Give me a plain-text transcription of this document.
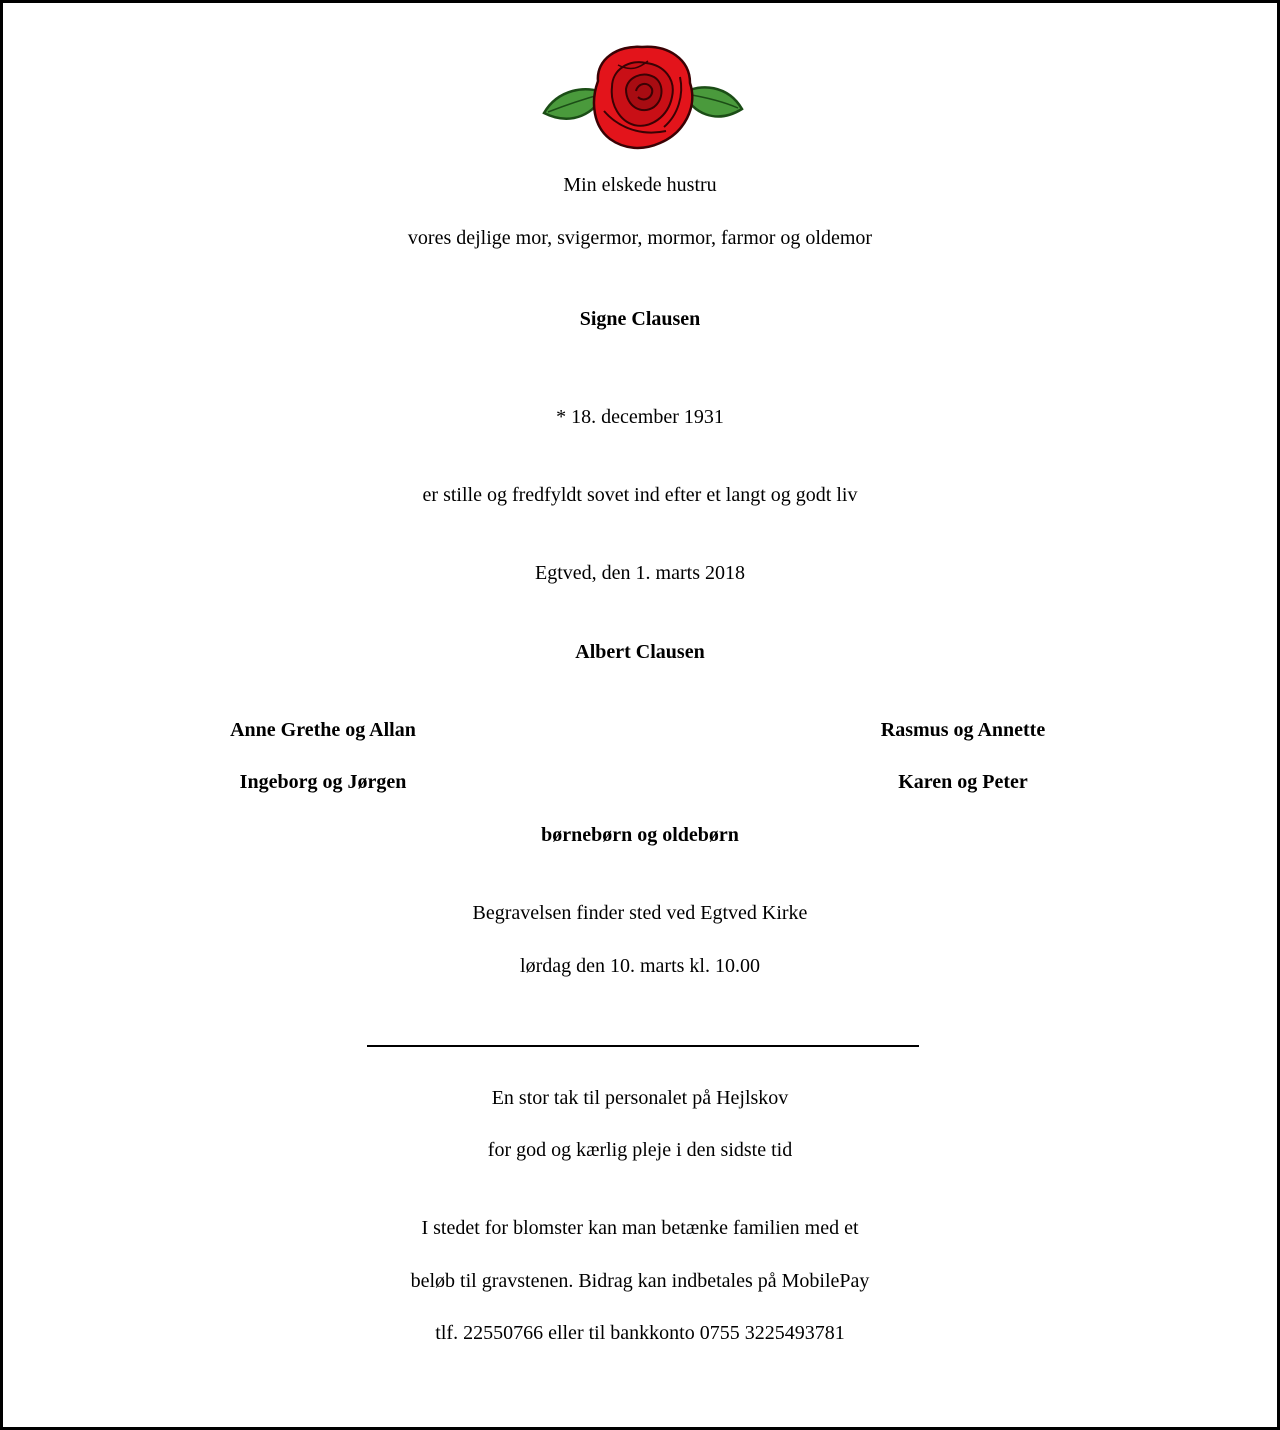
Min elskede hustru
vores dejlige mor, svigermor, mormor, farmor og oldemor
Signe Clausen
* 18. december 1931
er stille og fredfyldt sovet ind efter et langt og godt liv
Egtved, den 1. marts 2018
Albert Clausen
Anne Grethe og Allan
Ingeborg og Jørgen
Rasmus og Annette
Karen og Peter
børnebørn og oldebørn
Begravelsen finder sted ved Egtved Kirke
lørdag den 10. marts kl. 10.00
En stor tak til personalet på Hejlskov
for god og kærlig pleje i den sidste tid
I stedet for blomster kan man betænke familien med et
beløb til gravstenen. Bidrag kan indbetales på MobilePay
tlf. 22550766 eller til bankkonto 0755 3225493781
